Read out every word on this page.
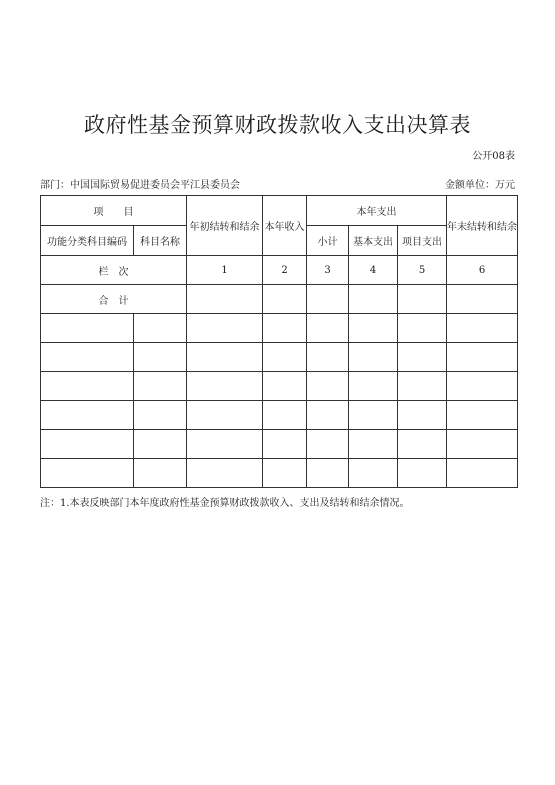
政府性基金预算财政拨款收入支出决算表
公开08表
部门：中国国际贸易促进委员会平江县委员会	金额单位：万元
项　　目		年初结转和结余	本年收入	本年支出			年末结转和结余
功能分类科目编码	科目名称			小计	基本支出	项目支出	
栏　次		1	2	3	4	5	6
合　计							

注：1.本表反映部门本年度政府性基金预算财政拨款收入、支出及结转和结余情况。
